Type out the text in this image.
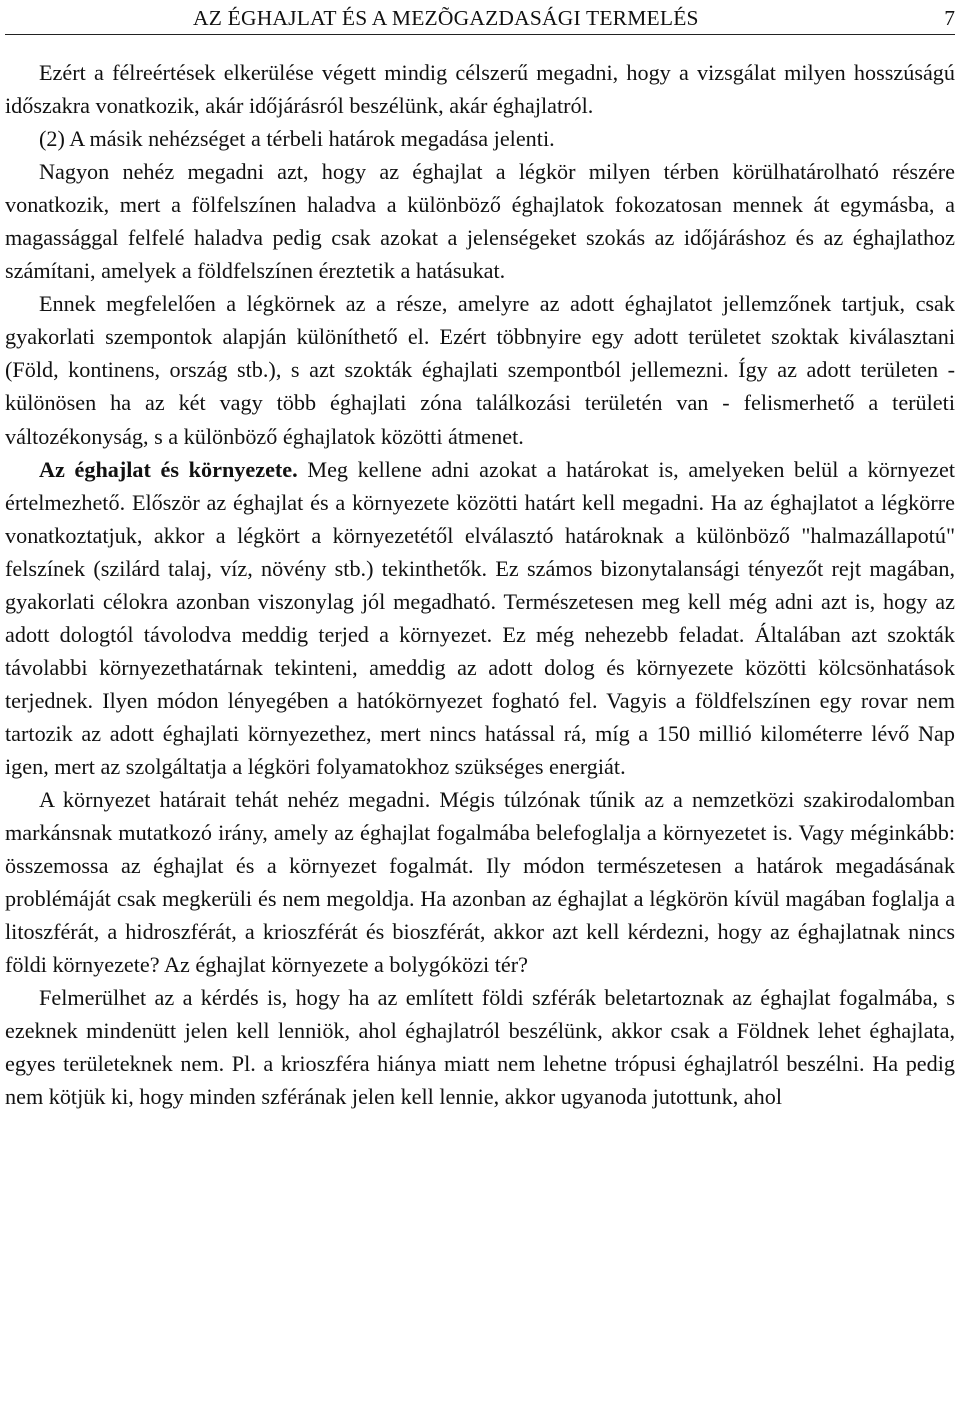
AZ ÉGHAJLAT ÉS A MEZÕGAZDASÁGI TERMELÉS	7

Ezért a félreértések elkerülése végett mindig célszerű megadni, hogy a vizsgálat milyen hosszúságú időszakra vonatkozik, akár időjárásról beszélünk, akár éghajlatról.

(2) A másik nehézséget a térbeli határok megadása jelenti.

Nagyon nehéz megadni azt, hogy az éghajlat a légkör milyen térben körülhatárolható részére vonatkozik, mert a fölfelszínen haladva a különböző éghajlatok fokozatosan mennek át egymásba, a magassággal felfelé haladva pedig csak azokat a jelenségeket szokás az időjáráshoz és az éghajlathoz számítani, amelyek a földfelszínen éreztetik a hatásukat.

Ennek megfelelően a légkörnek az a része, amelyre az adott éghajlatot jellemzőnek tartjuk, csak gyakorlati szempontok alapján különíthető el. Ezért többnyire egy adott területet szoktak kiválasztani (Föld, kontinens, ország stb.), s azt szokták éghajlati szempontból jellemezni. Így az adott területen - különösen ha az két vagy több éghajlati zóna találkozási területén van - felismerhető a területi változékonyság, s a különböző éghajlatok közötti átmenet.

Az éghajlat és környezete. Meg kellene adni azokat a határokat is, amelyeken belül a környezet értelmezhető. Először az éghajlat és a környezete közötti határt kell megadni. Ha az éghajlatot a légkörre vonatkoztatjuk, akkor a légkört a környezetétől elválasztó határoknak a különböző "halmazállapotú" felszínek (szilárd talaj, víz, növény stb.) tekinthetők. Ez számos bizonytalansági tényezőt rejt magában, gyakorlati célokra azonban viszonylag jól megadható. Természetesen meg kell még adni azt is, hogy az adott dologtól távolodva meddig terjed a környezet. Ez még nehezebb feladat. Általában azt szokták távolabbi környezethatárnak tekinteni, ameddig az adott dolog és környezete közötti kölcsönhatások terjednek. Ilyen módon lényegében a hatókörnyezet fogható fel. Vagyis a földfelszínen egy rovar nem tartozik az adott éghajlati környezethez, mert nincs hatással rá, míg a 150 millió kilométerre lévő Nap igen, mert az szolgáltatja a légköri folyamatokhoz szükséges energiát.

A környezet határait tehát nehéz megadni. Mégis túlzónak tűnik az a nemzetközi szakirodalomban markánsnak mutatkozó irány, amely az éghajlat fogalmába belefoglalja a környezetet is. Vagy méginkább: összemossa az éghajlat és a környezet fogalmát. Ily módon természetesen a határok megadásának problémáját csak megkerüli és nem megoldja. Ha azonban az éghajlat a légkörön kívül magában foglalja a litoszférát, a hidroszférát, a krioszférát és bioszférát, akkor azt kell kérdezni, hogy az éghajlatnak nincs földi környezete? Az éghajlat környezete a bolygóközi tér?

Felmerülhet az a kérdés is, hogy ha az említett földi szférák beletartoznak az éghajlat fogalmába, s ezeknek mindenütt jelen kell lenniök, ahol éghajlatról beszélünk, akkor csak a Földnek lehet éghajlata, egyes területeknek nem. Pl. a krioszféra hiánya miatt nem lehetne trópusi éghajlatról beszélni. Ha pedig nem kötjük ki, hogy minden szférának jelen kell lennie, akkor ugyanoda jutottunk, ahol
